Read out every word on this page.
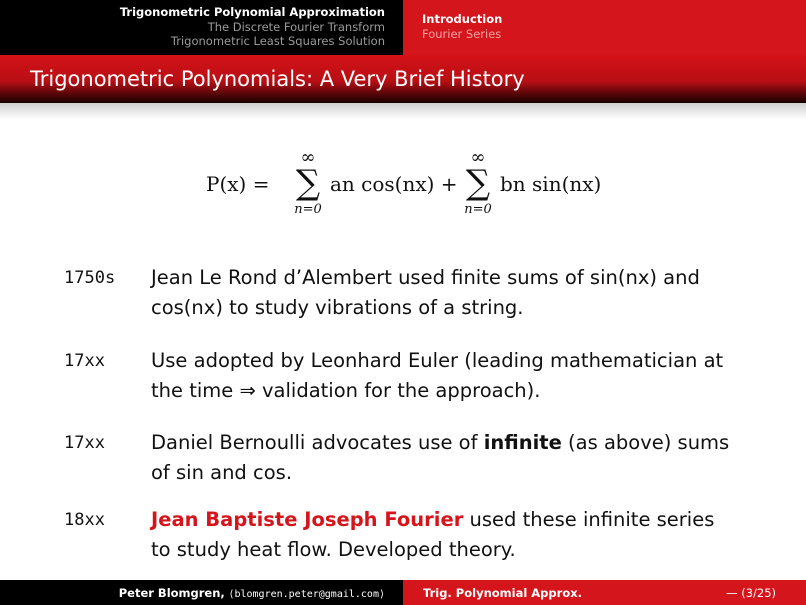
Trigonometric Polynomial Approximation
The Discrete Fourier Transform
Trigonometric Least Squares Solution
Introduction
Fourier Series
Trigonometric Polynomials: A Very Brief History
P(x) =
∞
∑
n=0
an cos(nx) +
∞
∑
n=0
bn sin(nx)
1750s Jean Le Rond d’Alembert used finite sums of sin(nx) and
cos(nx) to study vibrations of a string.
17xx Use adopted by Leonhard Euler (leading mathematician at
the time ⇒ validation for the approach).
17xx Daniel Bernoulli advocates use of infinite (as above) sums
of sin and cos.
18xx Jean Baptiste Joseph Fourier used these infinite series
to study heat flow. Developed theory.
Peter Blomgren, ⟨blomgren.peter@gmail.com⟩	Trig. Polynomial Approx.	— (3/25)
